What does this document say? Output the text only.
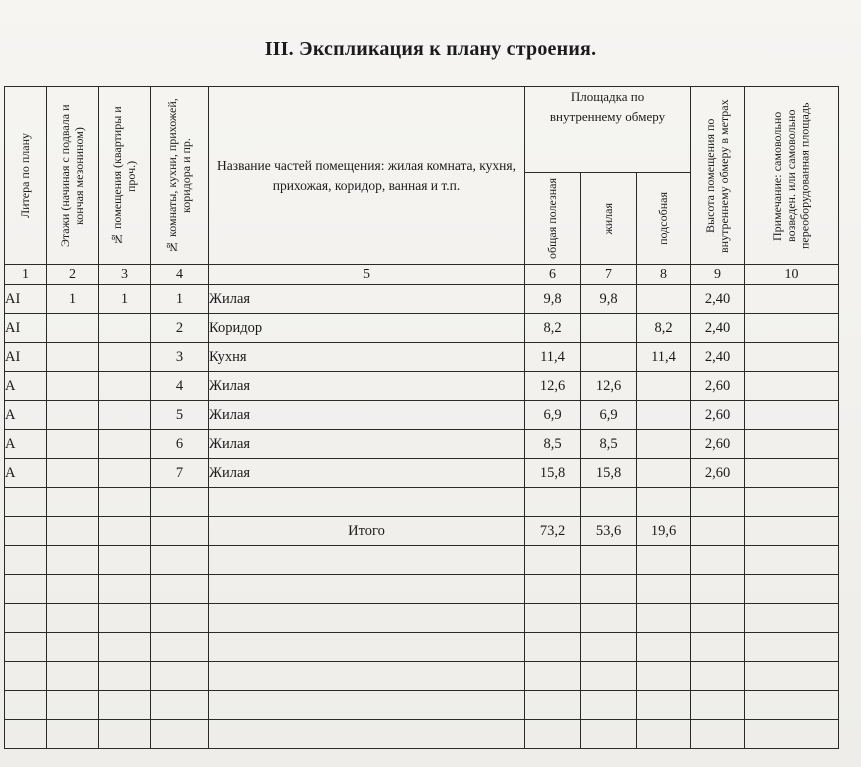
III. Экспликация к плану строения.
Литера по плану	Этажи (начиная с подвала и кончая мезонином)	№ помещения (квартиры и проч.)	№ комнаты, кухни, прихожей, коридора и пр.	Название частей помещения: жилая комната, кухня, прихожая, коридор, ванная и т.п.	Площадка по внутреннему обмеру			Высота помещения по внутреннему обмеру в метрах	Примечание: самовольно возведен. или самовольно переоборудованная площадь

					общая полезная	жилая	подсобная		

1	2	3	4	5	6	7	8	9	10
АI	1	1	1	Жилая	9,8	9,8		2,40	
АI			2	Коридор	8,2		8,2	2,40	
АI			3	Кухня	11,4		11,4	2,40	
А			4	Жилая	12,6	12,6		2,60	
А			5	Жилая	6,9	6,9		2,60	
А			6	Жилая	8,5	8,5		2,60	
А			7	Жилая	15,8	15,8		2,60	

				Итого	73,2	53,6	19,6		
